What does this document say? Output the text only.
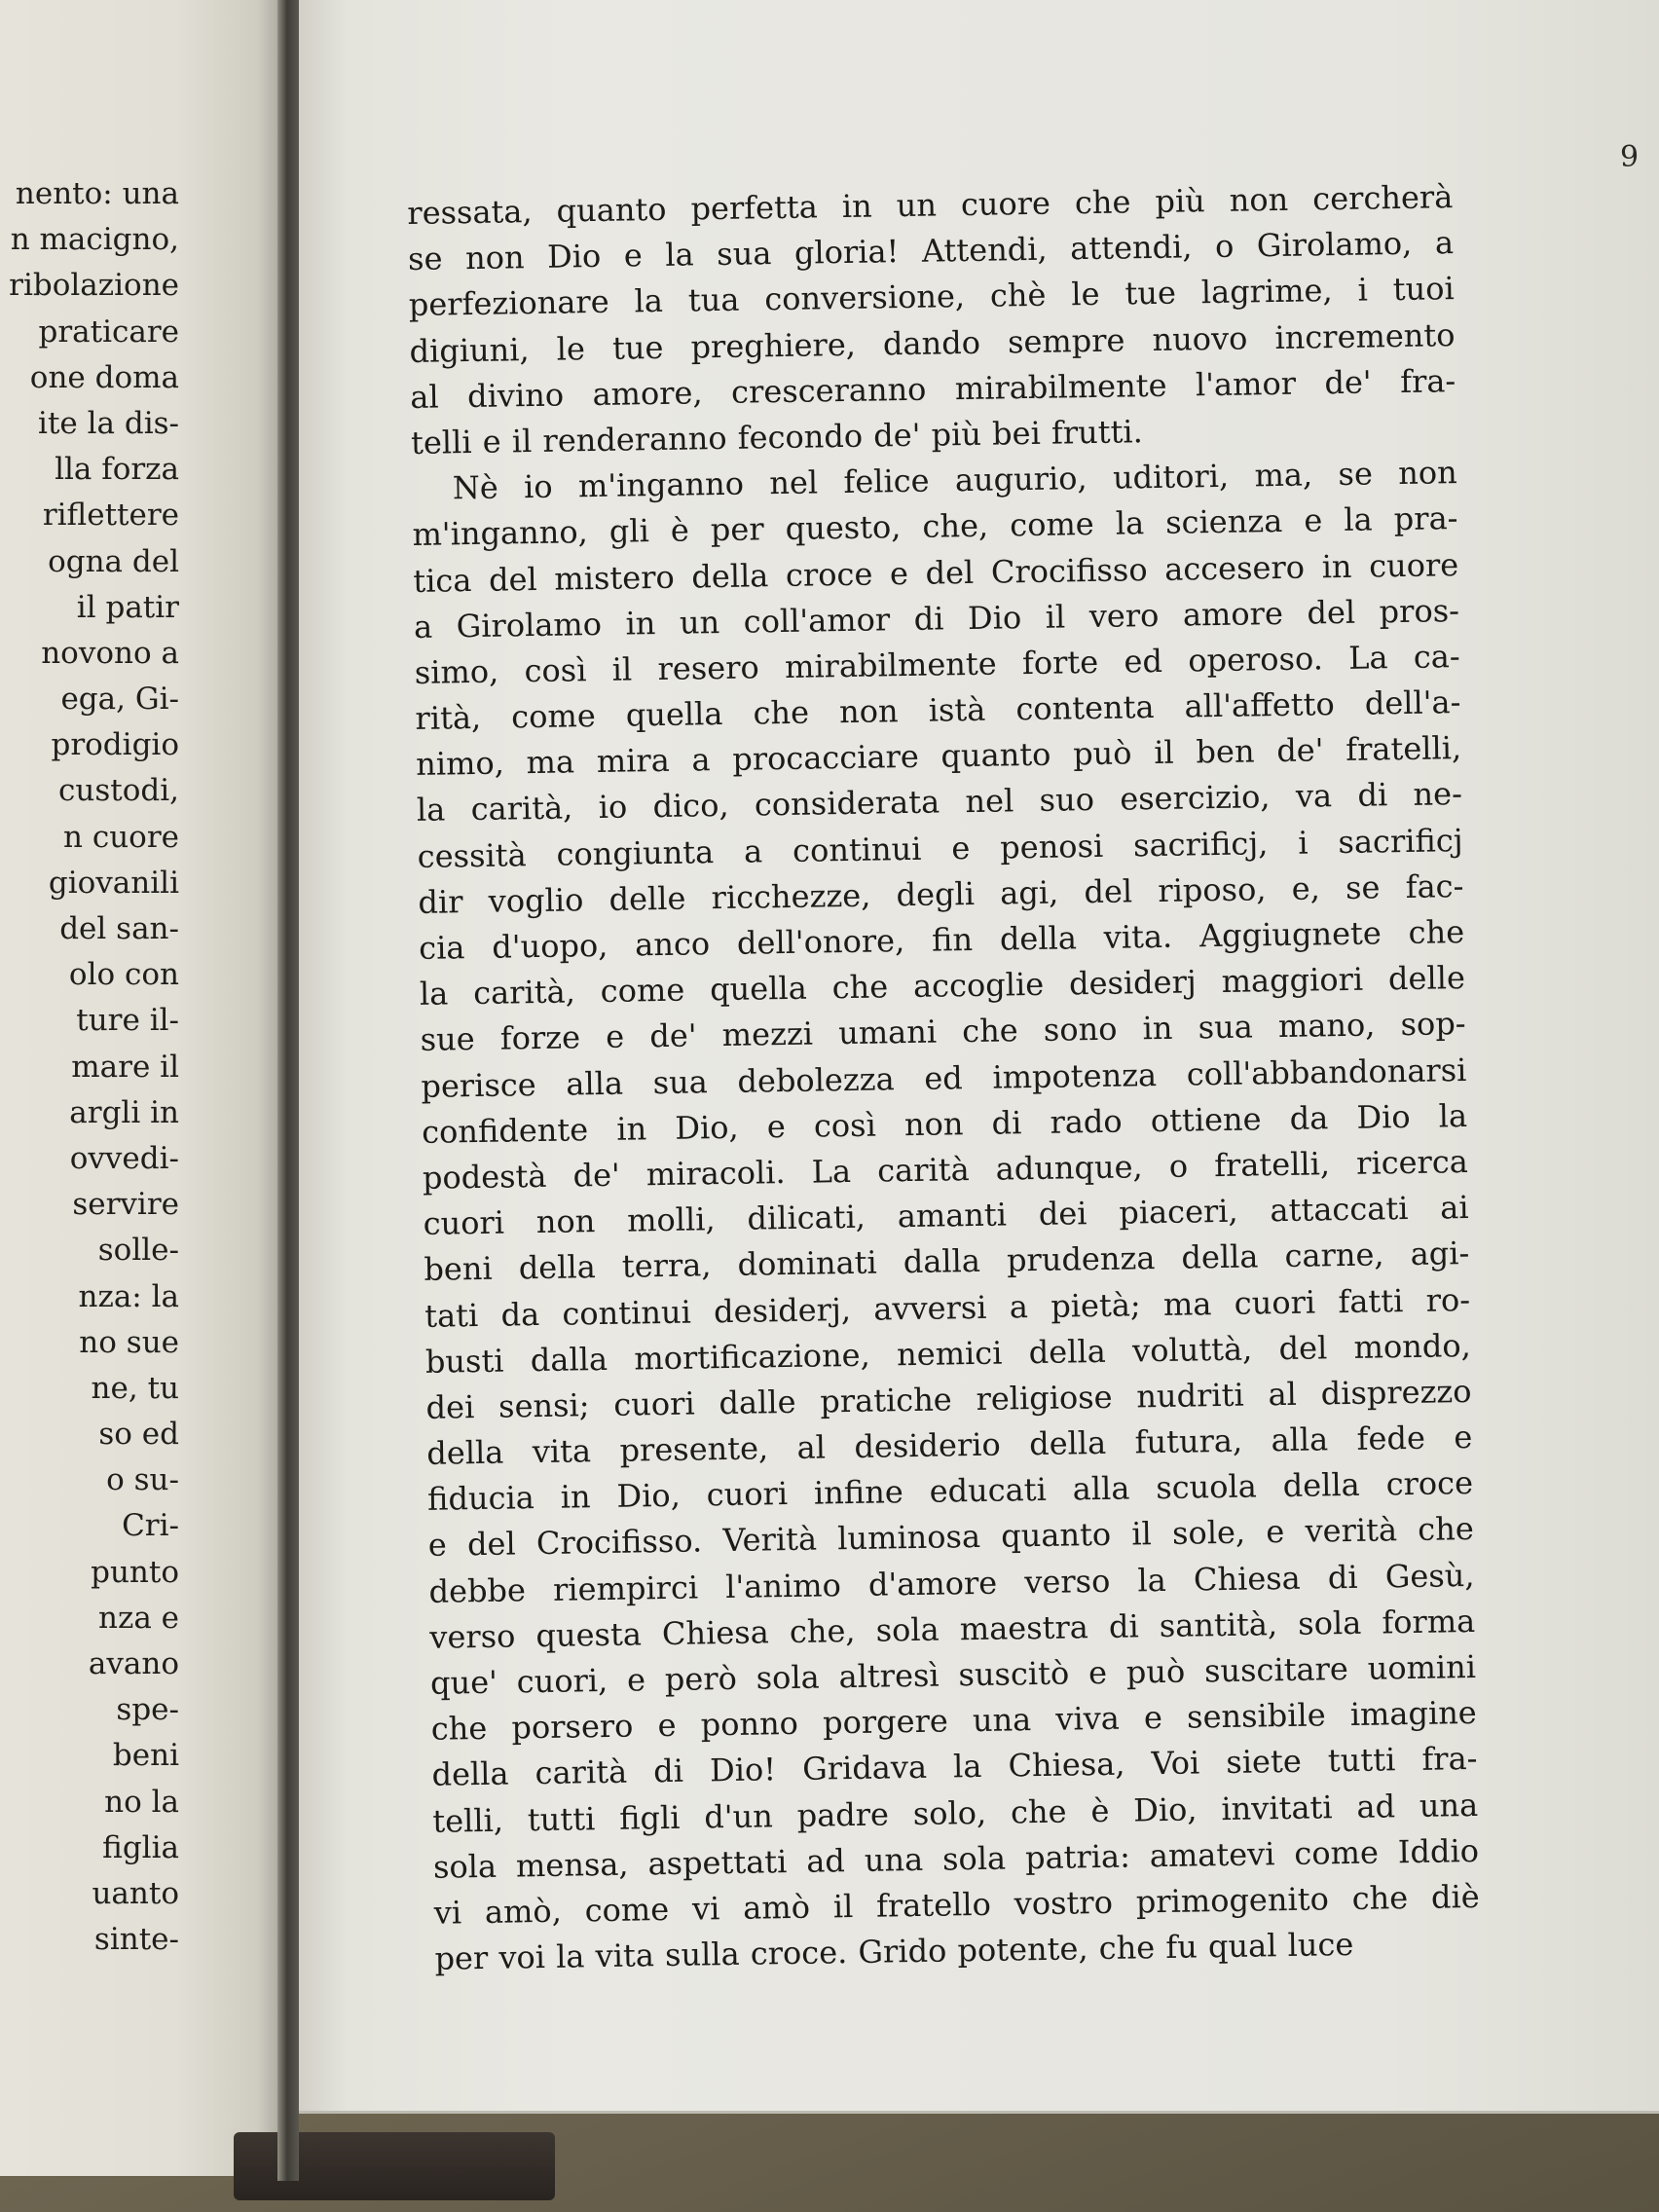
nento: una
n macigno,
ribolazione
praticare
one doma
ite la dis-
lla forza
riflettere
ogna del
il patir
novono a
ega, Gi-
prodigio
custodi,
n cuore
giovanili
del san-
olo con
ture il-
mare il
argli in
ovvedi-
servire
solle-
nza: la
no sue
ne, tu
so ed
o su-
Cri-
punto
nza e
avano
spe-
beni
no la
figlia
uanto
sinte-
9
ressata, quanto perfetta in un cuore che più non cercherà
se non Dio e la sua gloria! Attendi, attendi, o Girolamo, a
perfezionare la tua conversione, chè le tue lagrime, i tuoi
digiuni, le tue preghiere, dando sempre nuovo incremento
al divino amore, cresceranno mirabilmente l'amor de' fra-
telli e il renderanno fecondo de' più bei frutti.
Nè io m'inganno nel felice augurio, uditori, ma, se non
m'inganno, gli è per questo, che, come la scienza e la pra-
tica del mistero della croce e del Crocifisso accesero in cuore
a Girolamo in un coll'amor di Dio il vero amore del pros-
simo, così il resero mirabilmente forte ed operoso. La ca-
rità, come quella che non istà contenta all'affetto dell'a-
nimo, ma mira a procacciare quanto può il ben de' fratelli,
la carità, io dico, considerata nel suo esercizio, va di ne-
cessità congiunta a continui e penosi sacrificj, i sacrificj
dir voglio delle ricchezze, degli agi, del riposo, e, se fac-
cia d'uopo, anco dell'onore, fin della vita. Aggiugnete che
la carità, come quella che accoglie desiderj maggiori delle
sue forze e de' mezzi umani che sono in sua mano, sop-
perisce alla sua debolezza ed impotenza coll'abbandonarsi
confidente in Dio, e così non di rado ottiene da Dio la
podestà de' miracoli. La carità adunque, o fratelli, ricerca
cuori non molli, dilicati, amanti dei piaceri, attaccati ai
beni della terra, dominati dalla prudenza della carne, agi-
tati da continui desiderj, avversi a pietà; ma cuori fatti ro-
busti dalla mortificazione, nemici della voluttà, del mondo,
dei sensi; cuori dalle pratiche religiose nudriti al disprezzo
della vita presente, al desiderio della futura, alla fede e
fiducia in Dio, cuori infine educati alla scuola della croce
e del Crocifisso. Verità luminosa quanto il sole, e verità che
debbe riempirci l'animo d'amore verso la Chiesa di Gesù,
verso questa Chiesa che, sola maestra di santità, sola forma
que' cuori, e però sola altresì suscitò e può suscitare uomini
che porsero e ponno porgere una viva e sensibile imagine
della carità di Dio! Gridava la Chiesa, Voi siete tutti fra-
telli, tutti figli d'un padre solo, che è Dio, invitati ad una
sola mensa, aspettati ad una sola patria: amatevi come Iddio
vi amò, come vi amò il fratello vostro primogenito che diè
per voi la vita sulla croce. Grido potente, che fu qual luce
